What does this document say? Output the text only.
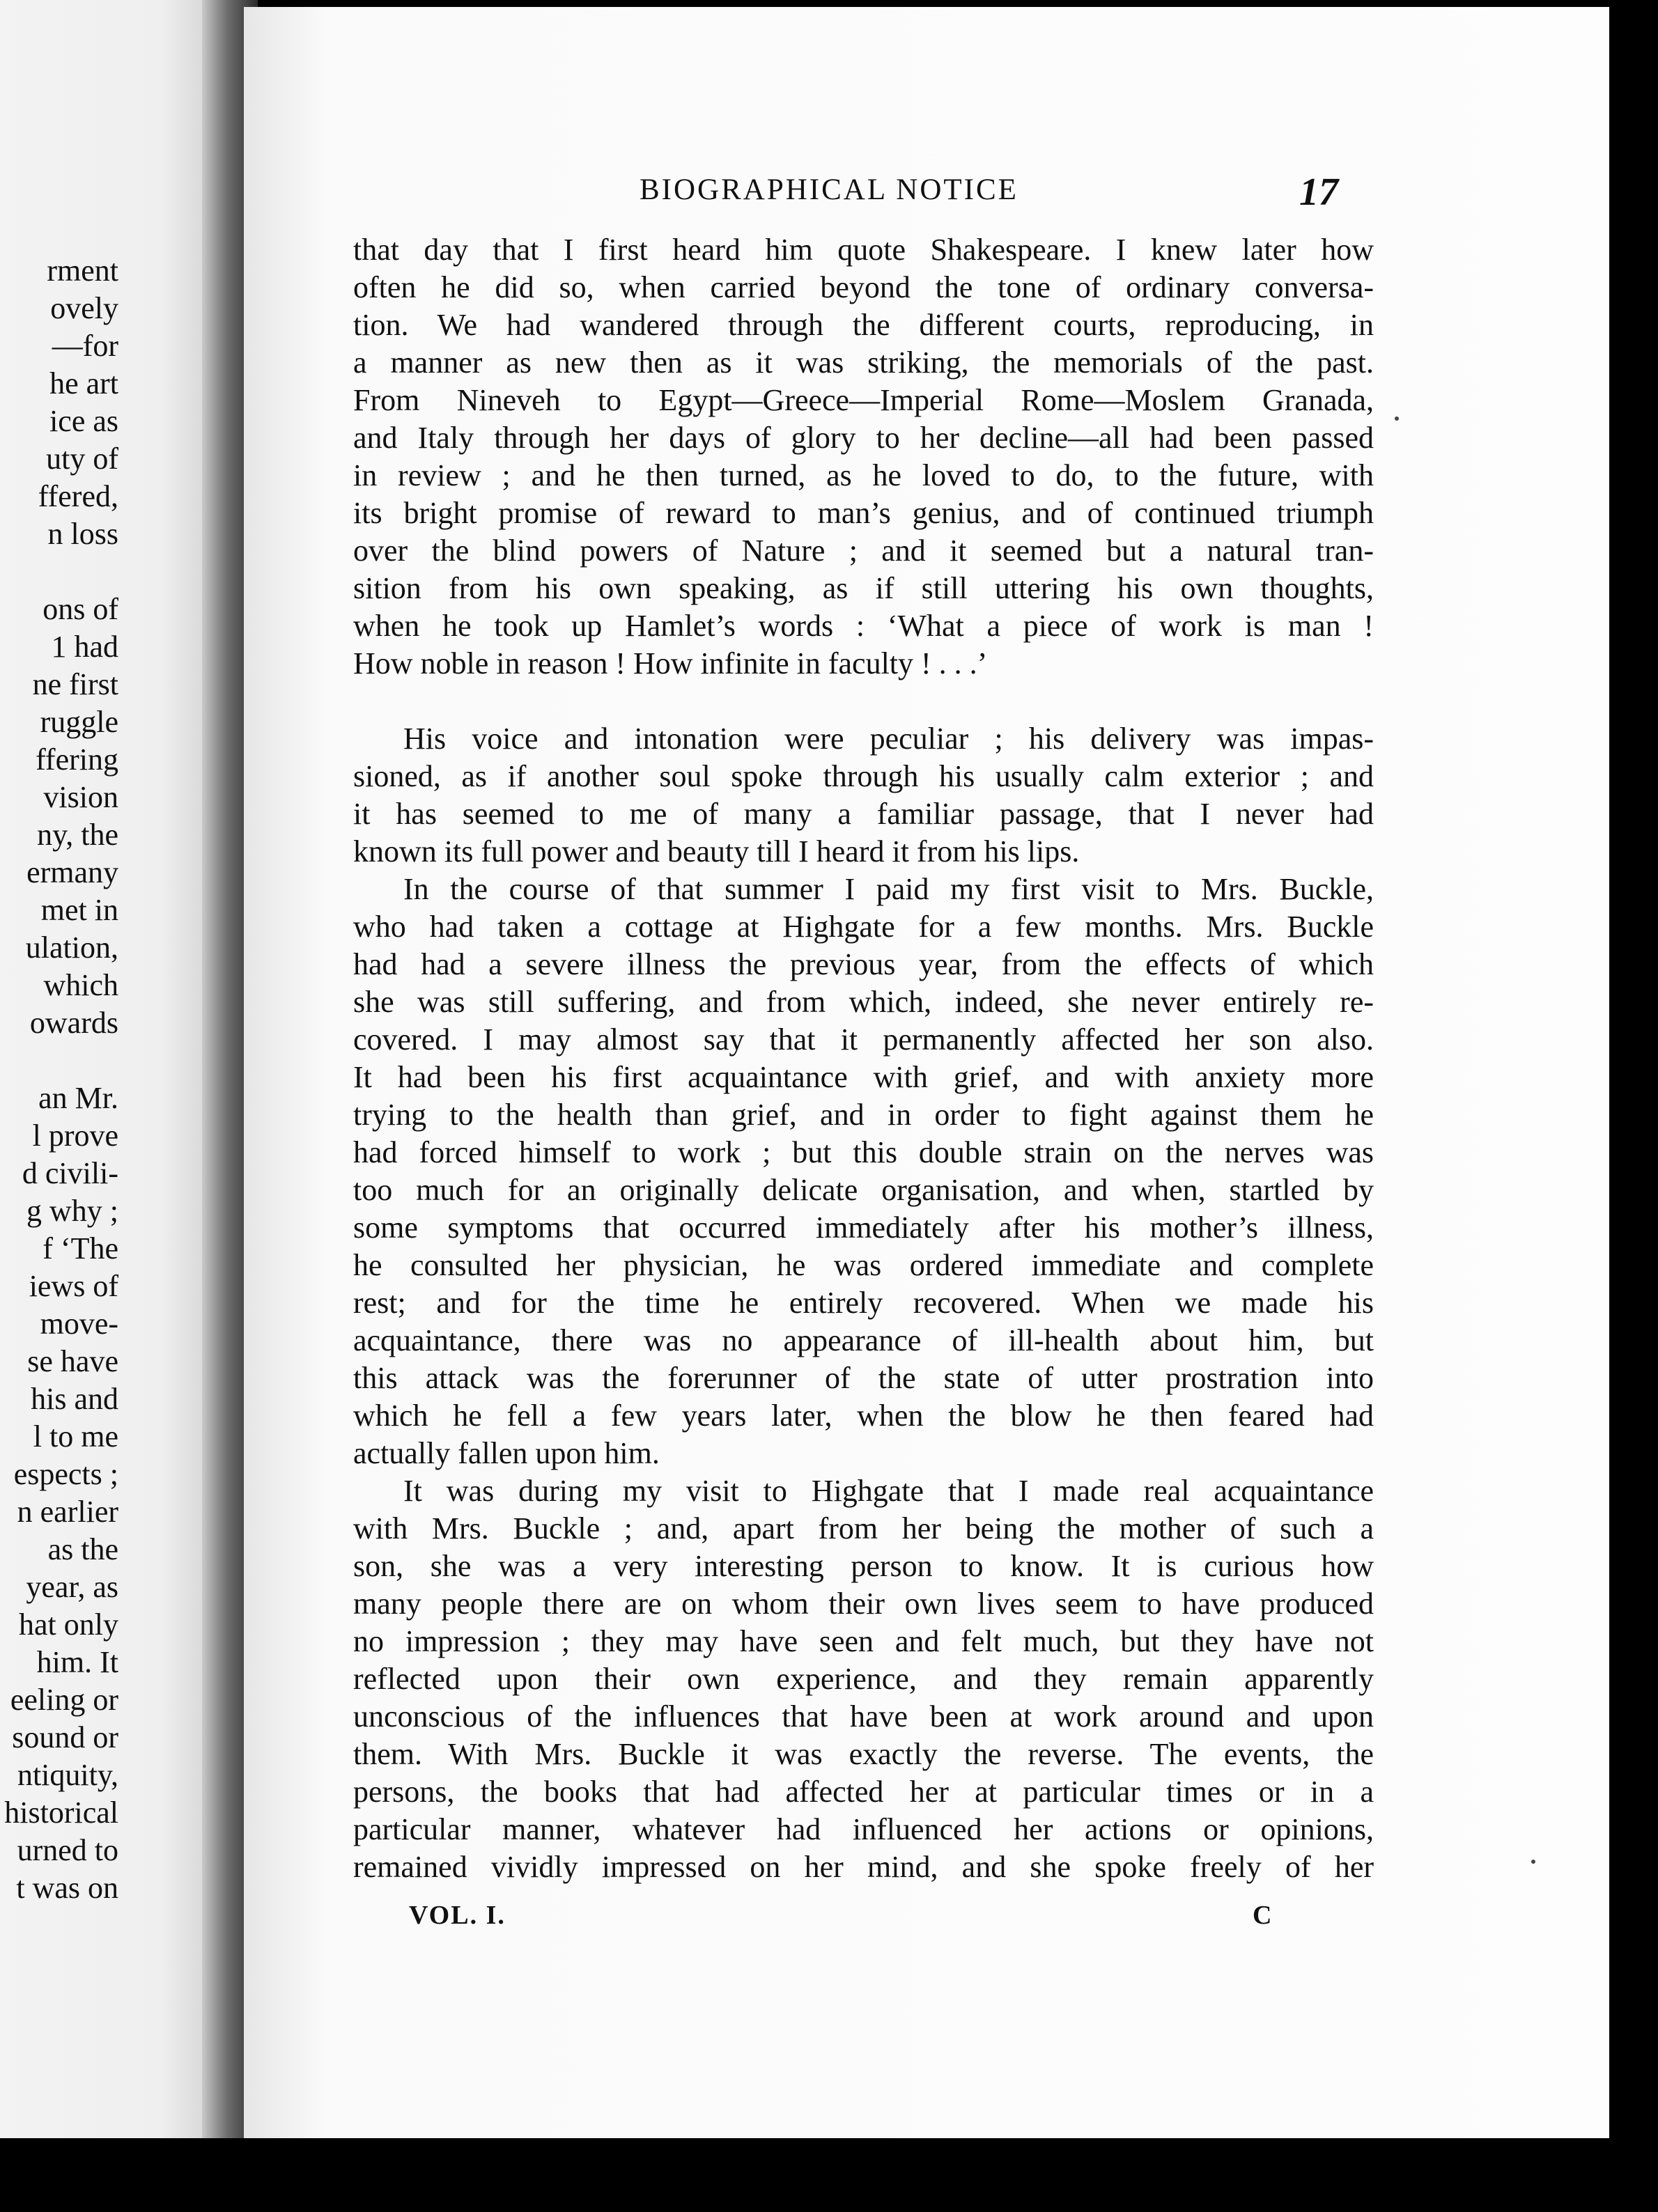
rment
ovely
—for
he art
ice as
uty of
ffered,
n loss
ons of
1 had
ne first
ruggle
ffering
vision
ny, the
ermany
met in
ulation,
which
owards
an Mr.
l prove
d civili-
g why ;
f ‘The
iews of
move-
se have
his and
l to me
espects ;
n earlier
as the
year, as
hat only
him. It
eeling or
sound or
ntiquity,
historical
urned to
t was on
BIOGRAPHICAL NOTICE	17
that day that I first heard him quote Shakespeare. I knew later how
often he did so, when carried beyond the tone of ordinary conversa-
tion. We had wandered through the different courts, reproducing, in
a manner as new then as it was striking, the memorials of the past.
From Nineveh to Egypt—Greece—Imperial Rome—Moslem Granada,
and Italy through her days of glory to her decline—all had been passed
in review ; and he then turned, as he loved to do, to the future, with
its bright promise of reward to man’s genius, and of continued triumph
over the blind powers of Nature ; and it seemed but a natural tran-
sition from his own speaking, as if still uttering his own thoughts,
when he took up Hamlet’s words : ‘What a piece of work is man !
How noble in reason ! How infinite in faculty ! . . .’
His voice and intonation were peculiar ; his delivery was impas-
sioned, as if another soul spoke through his usually calm exterior ; and
it has seemed to me of many a familiar passage, that I never had
known its full power and beauty till I heard it from his lips.
In the course of that summer I paid my first visit to Mrs. Buckle,
who had taken a cottage at Highgate for a few months. Mrs. Buckle
had had a severe illness the previous year, from the effects of which
she was still suffering, and from which, indeed, she never entirely re-
covered. I may almost say that it permanently affected her son also.
It had been his first acquaintance with grief, and with anxiety more
trying to the health than grief, and in order to fight against them he
had forced himself to work ; but this double strain on the nerves was
too much for an originally delicate organisation, and when, startled by
some symptoms that occurred immediately after his mother’s illness,
he consulted her physician, he was ordered immediate and complete
rest; and for the time he entirely recovered. When we made his
acquaintance, there was no appearance of ill-health about him, but
this attack was the forerunner of the state of utter prostration into
which he fell a few years later, when the blow he then feared had
actually fallen upon him.
It was during my visit to Highgate that I made real acquaintance
with Mrs. Buckle ; and, apart from her being the mother of such a
son, she was a very interesting person to know. It is curious how
many people there are on whom their own lives seem to have produced
no impression ; they may have seen and felt much, but they have not
reflected upon their own experience, and they remain apparently
unconscious of the influences that have been at work around and upon
them. With Mrs. Buckle it was exactly the reverse. The events, the
persons, the books that had affected her at particular times or in a
particular manner, whatever had influenced her actions or opinions,
remained vividly impressed on her mind, and she spoke freely of her
VOL. I.	C
